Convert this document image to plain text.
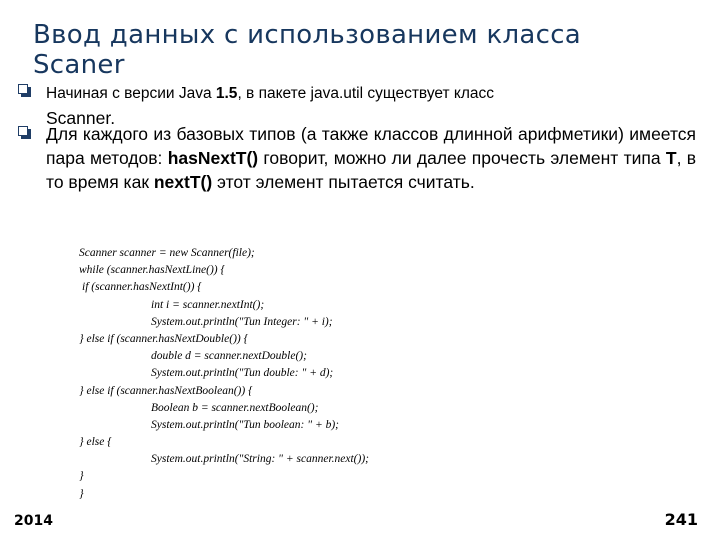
Ввод данных с использованием класса Scaner
Начиная с версии Java 1.5, в пакете java.util существует класс
Scanner.
Для каждого из базовых типов (а также классов длинной арифметики) имеется пара методов: hasNextT() говорит, можно ли далее прочесть элемент типа T, в то время как nextT() этот элемент пытается считать.
Scanner scanner = new Scanner(file);
while (scanner.hasNextLine()) {
if (scanner.hasNextInt()) {
int i = scanner.nextInt();
System.out.println("Tun Integer: " + i);
} else if (scanner.hasNextDouble()) {
double d = scanner.nextDouble();
System.out.println("Tun double: " + d);
} else if (scanner.hasNextBoolean()) {
Boolean b = scanner.nextBoolean();
System.out.println("Tun boolean: " + b);
} else {
System.out.println("String: " + scanner.next());
}
}
2014	241
